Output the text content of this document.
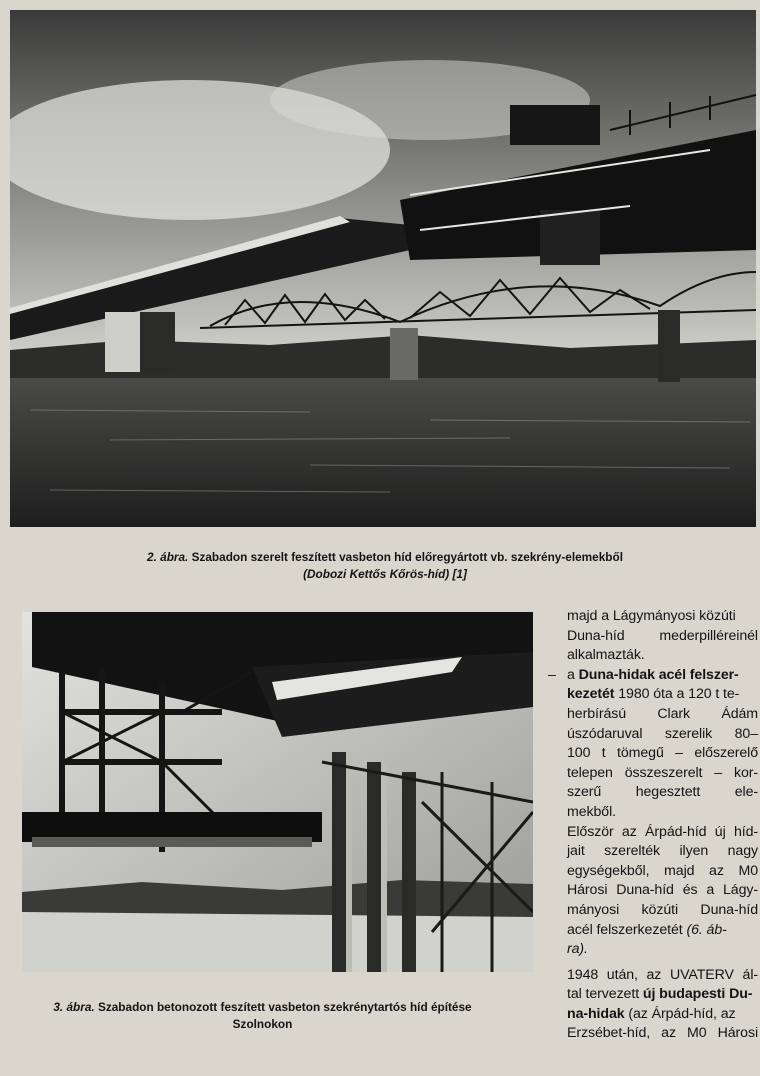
2. ábra. Szabadon szerelt feszített vasbeton híd előregyártott vb. szekrény-elemekből
(Dobozi Kettős Kőrös-híd) [1]
3. ábra. Szabadon betonozott feszített vasbeton szekrénytartós híd építése
Szolnokon
majd a Lágymányosi közúti
Duna-híd mederpilléreinél
alkalmazták.
– a Duna-hidak acél felszer-
kezetét 1980 óta a 120 t te-
herbírású Clark Ádám
úszódaruval szerelik 80–
100 t tömegű – előszerelő
telepen összeszerelt – kor-
szerű hegesztett ele-
mekből.
Először az Árpád-híd új híd-
jait szerelték ilyen nagy
egységekből, majd az M0
Hárosi Duna-híd és a Lágy-
mányosi közúti Duna-híd
acél felszerkezetét (6. áb-
ra).
1948 után, az UVATERV ál-
tal tervezett új budapesti Du-
na-hidak (az Árpád-híd, az
Erzsébet-híd, az M0 Hárosi
